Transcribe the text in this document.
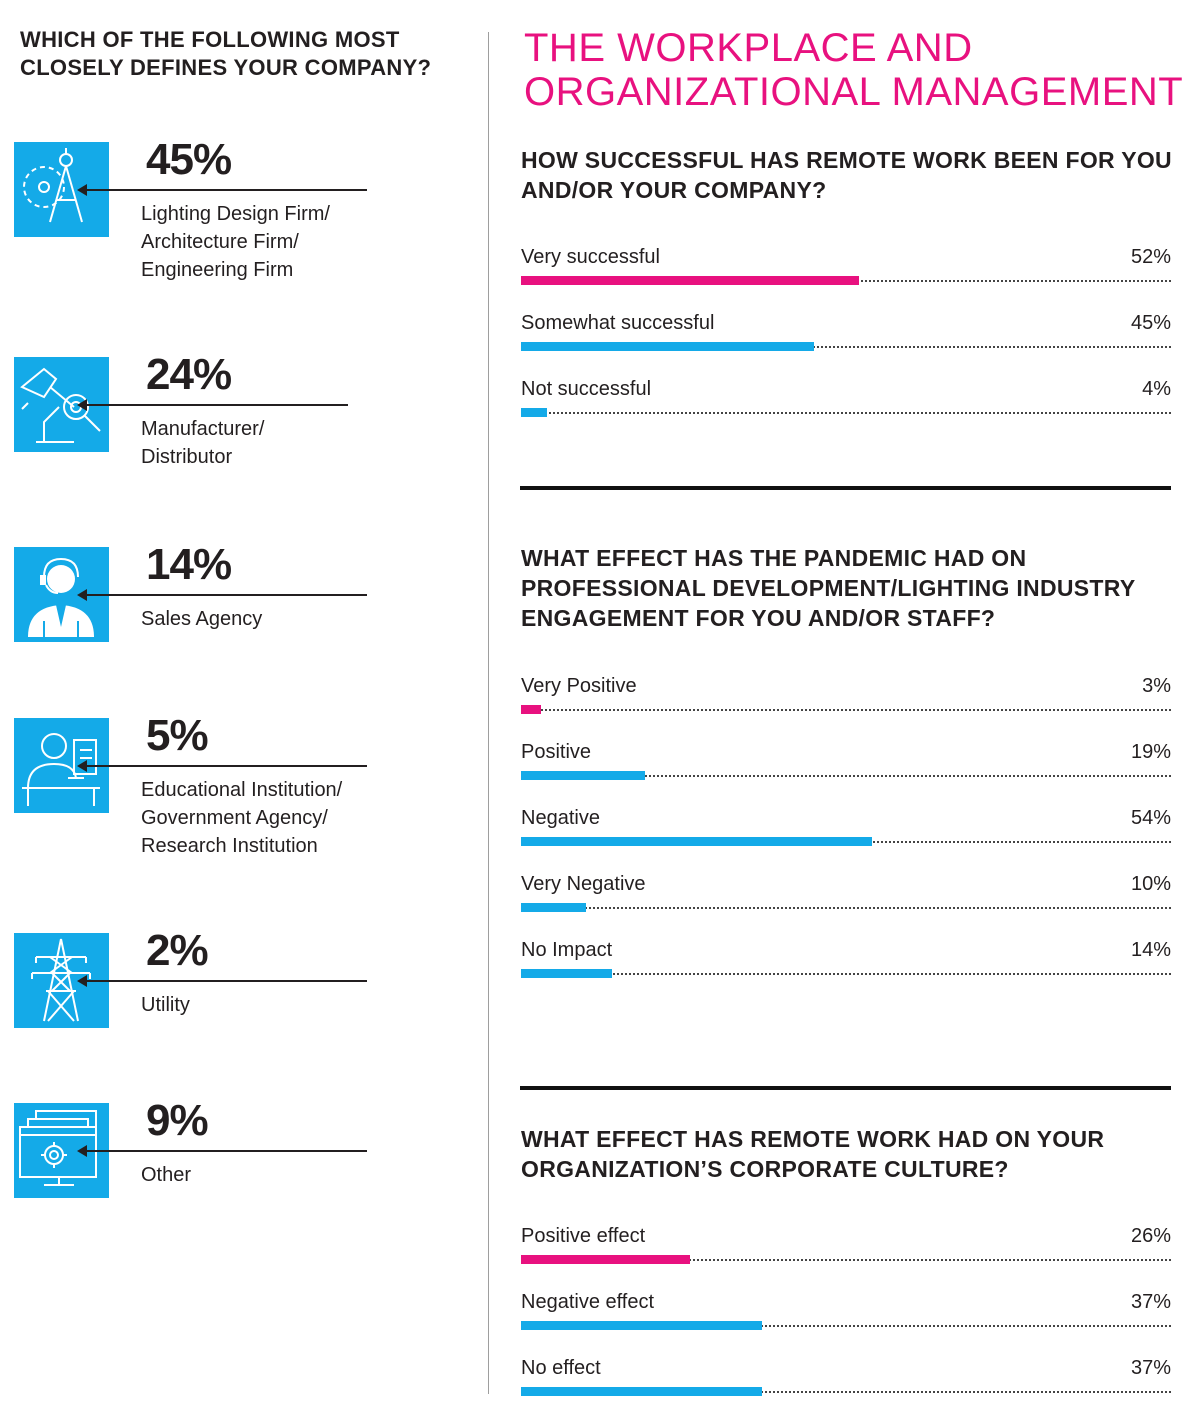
WHICH OF THE FOLLOWING MOST
CLOSELY DEFINES YOUR COMPANY?	THE WORKPLACE AND
ORGANIZATIONAL MANAGEMENT
45%
Lighting Design Firm/
Architecture Firm/
Engineering Firm
24%
Manufacturer/
Distributor
14%
Sales Agency
5%
Educational Institution/
Government Agency/
Research Institution
2%
Utility
9%
Other
HOW SUCCESSFUL HAS REMOTE WORK BEEN FOR YOU AND/OR YOUR COMPANY?
Very successful	52%
Somewhat successful	45%
Not successful	4%
WHAT EFFECT HAS THE PANDEMIC HAD ON PROFESSIONAL DEVELOPMENT/LIGHTING INDUSTRY ENGAGEMENT FOR YOU AND/OR STAFF?
Very Positive	3%
Positive	19%
Negative	54%
Very Negative	10%
No Impact	14%
WHAT EFFECT HAS REMOTE WORK HAD ON YOUR ORGANIZATION’S CORPORATE CULTURE?
Positive effect	26%
Negative effect	37%
No effect	37%
